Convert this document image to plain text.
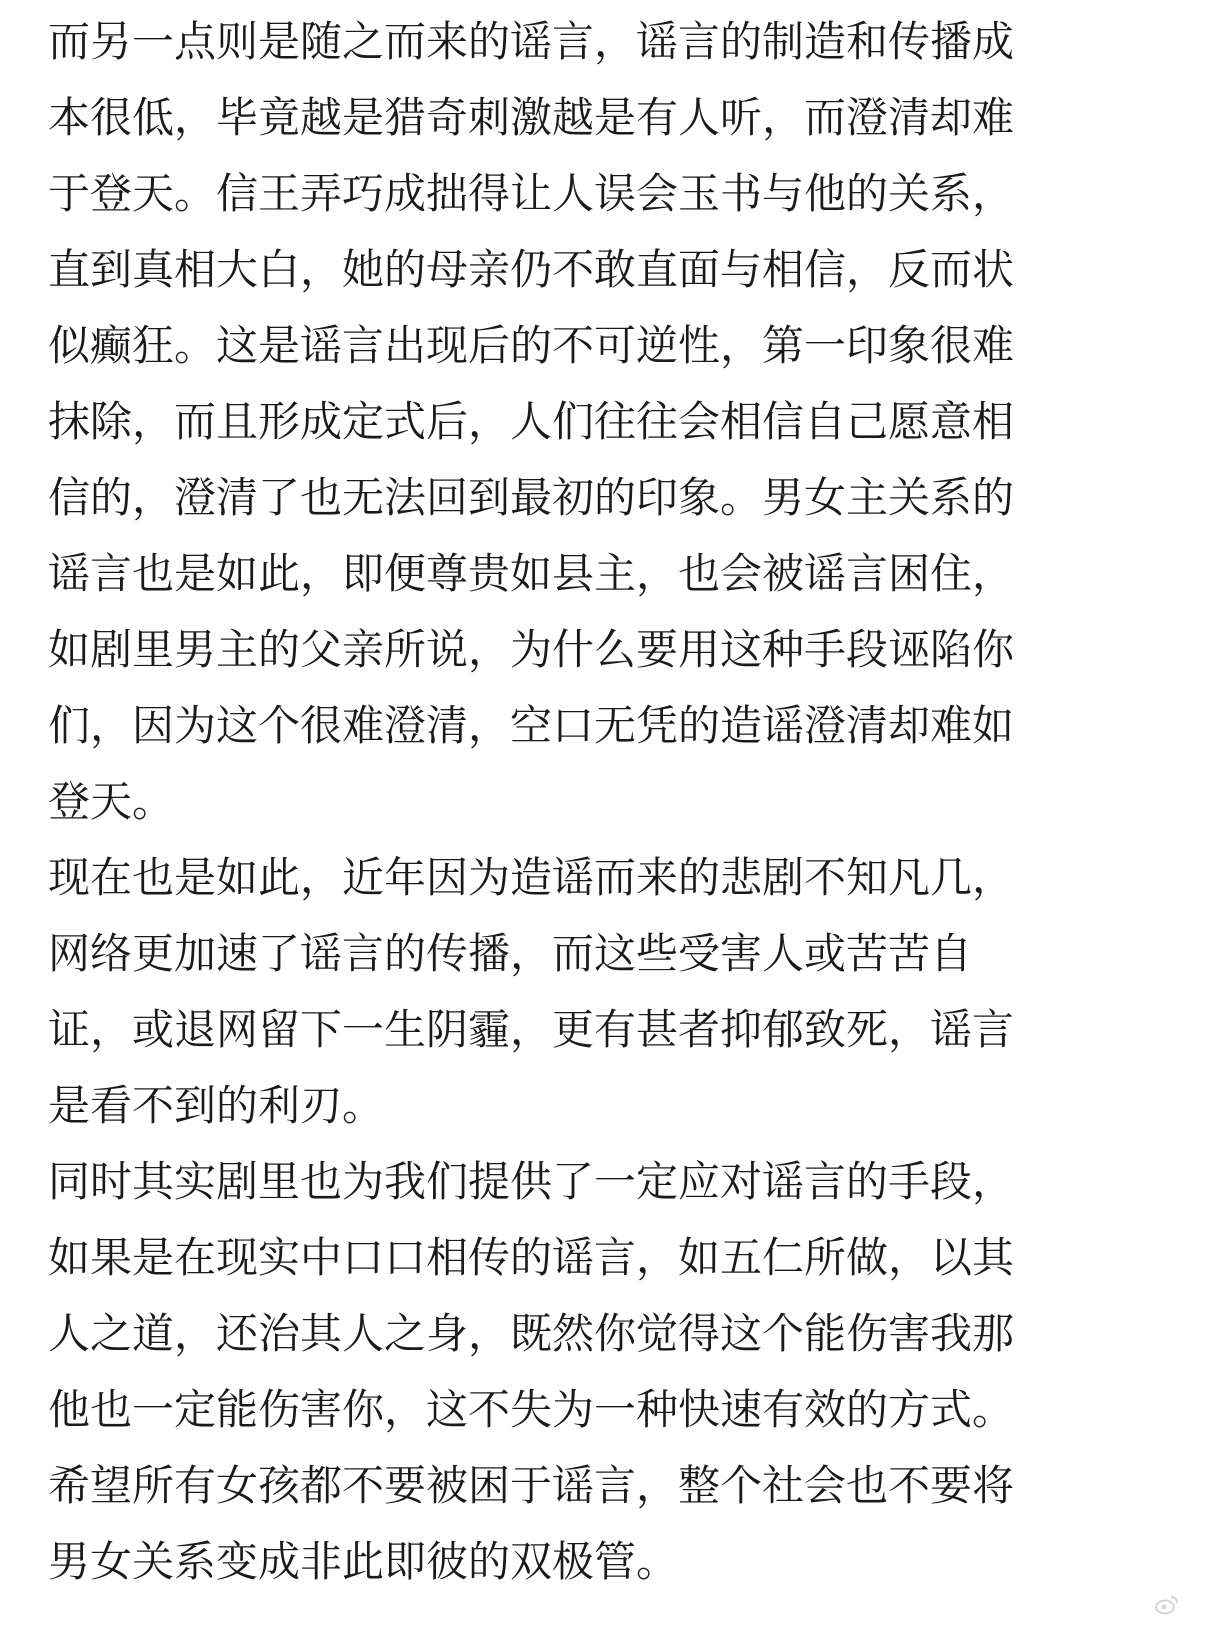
而另一点则是随之而来的谣言，谣言的制造和传播成
本很低，毕竟越是猎奇刺激越是有人听，而澄清却难
于登天。信王弄巧成拙得让人误会玉书与他的关系，
直到真相大白，她的母亲仍不敢直面与相信，反而状
似癫狂。这是谣言出现后的不可逆性，第一印象很难
抹除，而且形成定式后，人们往往会相信自己愿意相
信的，澄清了也无法回到最初的印象。男女主关系的
谣言也是如此，即便尊贵如县主，也会被谣言困住，
如剧里男主的父亲所说，为什么要用这种手段诬陷你
们，因为这个很难澄清，空口无凭的造谣澄清却难如
登天。
现在也是如此，近年因为造谣而来的悲剧不知凡几，
网络更加速了谣言的传播，而这些受害人或苦苦自
证，或退网留下一生阴霾，更有甚者抑郁致死，谣言
是看不到的利刃。
同时其实剧里也为我们提供了一定应对谣言的手段，
如果是在现实中口口相传的谣言，如五仁所做，以其
人之道，还治其人之身，既然你觉得这个能伤害我那
他也一定能伤害你，这不失为一种快速有效的方式。
希望所有女孩都不要被困于谣言，整个社会也不要将
男女关系变成非此即彼的双极管。
